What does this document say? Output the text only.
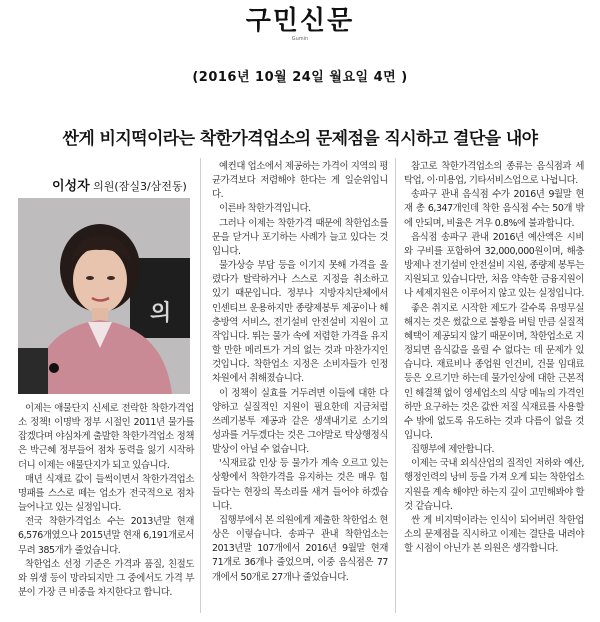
구민신문
Gumin
(2016년 10월 24일 월요일 4면 )
싼게 비지떡이라는 착한가격업소의 문제점을 직시하고 결단을 내야
이성자 의원(잠실3/삼전동)
의

이제는 애물단지 신세로 전락한 착한가격업소 정책! 이명박 정부 시절인 2011년 물가를 잡겠다며 야심차게 출발한 착한가격업소 정책은 박근혜 정부들어 점차 동력을 잃기 시작하더니 이제는 애물단지가 되고 있습니다.

매년 식재료 값이 들썩이면서 착한가격업소 명패를 스스로 떼는 업소가 전국적으로 점차 늘어나고 있는 실정입니다.

전국 착한가격업소 수는 2013년말 현재 6,576개였으나 2015년말 현재 6,191개로서 무려 385개가 줄었습니다.

착한업소 선정 기준은 가격과 품질, 친절도와 위생 등이 망라되지만 그 중에서도 가격 부분이 가장 큰 비중을 차지한다고 합니다.

예컨대 업소에서 제공하는 가격이 지역의 평균가격보다 저렴해야 한다는 게 일순위입니다.

이른바 착한가격입니다.

그러나 이제는 착한가격 때문에 착한업소를 문을 닫거나 포기하는 사례가 늘고 있다는 것입니다.

물가상승 부담 등을 이기지 못해 가격을 올렸다가 탈락하거나 스스로 지정을 취소하고 있기 때문입니다. 정부나 지방자치단체에서 인센티브 운용하지만 종량제봉투 제공이나 해충방역 서비스, 전기설비 안전설비 지원이 고작입니다. 뛰는 물가 속에 저렴한 가격을 유지할 만한 메리트가 거의 없는 것과 마찬가지인 것입니다. 착한업소 지정은 소비자들가 인정 차원에서 취해졌습니다.

이 정책이 실효를 거두려면 이들에 대한 다양하고 실질적인 지원이 필요한데 지금처럼 쓰레기봉투 제공과 같은 생색내기로 소기의 성과를 거두겠다는 것은 그야말로 탁상행정식 발상이 아닐 수 없습니다.

'식재료값 인상 등 물가가 계속 오르고 있는 상황에서 착한가격을 유지하는 것은 매우 힘들다'는 현장의 목소리를 새겨 들어야 하겠습니다.

집행부에서 본 의원에게 제출한 착한업소 현상은 이렇습니다. 송파구 관내 착한업소는 2013년말 107개에서 2016년 9월말 현재 71개로 36개나 줄었으며, 이중 음식점은 77개에서 50개로 27개나 줄었습니다.

참고로 착한가격업소의 종류는 음식점과 세탁업, 이·미용업, 기타서비스업으로 나뉩니다.

송파구 관내 음식점 수가 2016년 9월말 현재 총 6,347개인데 착한 음식점 수는 50개 밖에 안되며, 비율은 겨우 0.8%에 불과합니다.

음식점 송파구 관내 2016년 예산액은 시비와 구비를 포함하여 32,000,000원이며, 해충방제나 전기설비 안전설비 지원, 종량제 봉투는 지원되고 있습니다만, 처음 약속한 금융지원이나 세제지원은 이루어지 않고 있는 실정입니다.

좋은 취지로 시작한 제도가 갈수록 유명무실해지는 것은 썼값으로 불황을 버틸 만큼 실질적 혜택이 제공되지 않기 때문이며, 착한업소로 지정되면 음식값을 올릴 수 없다는 데 문제가 있습니다. 재료비나 종업원 인건비, 건물 임대료 등은 오르기만 하는데 물가인상에 대한 근본적인 해결책 없이 영세업소의 식당 메뉴의 가격인하만 요구하는 것은 값싼 저질 식재료를 사용할 수 밖에 없도록 유도하는 것과 다름이 없을 것입니다.

집행부에 제안합니다.

이제는 국내 외식산업의 질적인 저하와 예산, 행정인력의 낭비 등을 가져 오게 되는 착한업소 지원을 계속 해야만 하는지 깊이 고민해봐야 할 것 같습니다.

싼 게 비지떡이라는 인식이 되어버린 착한업소의 문제점을 직시하고 이제는 결단을 내려야 할 시점이 아닌가 본 의원은 생각합니다.
